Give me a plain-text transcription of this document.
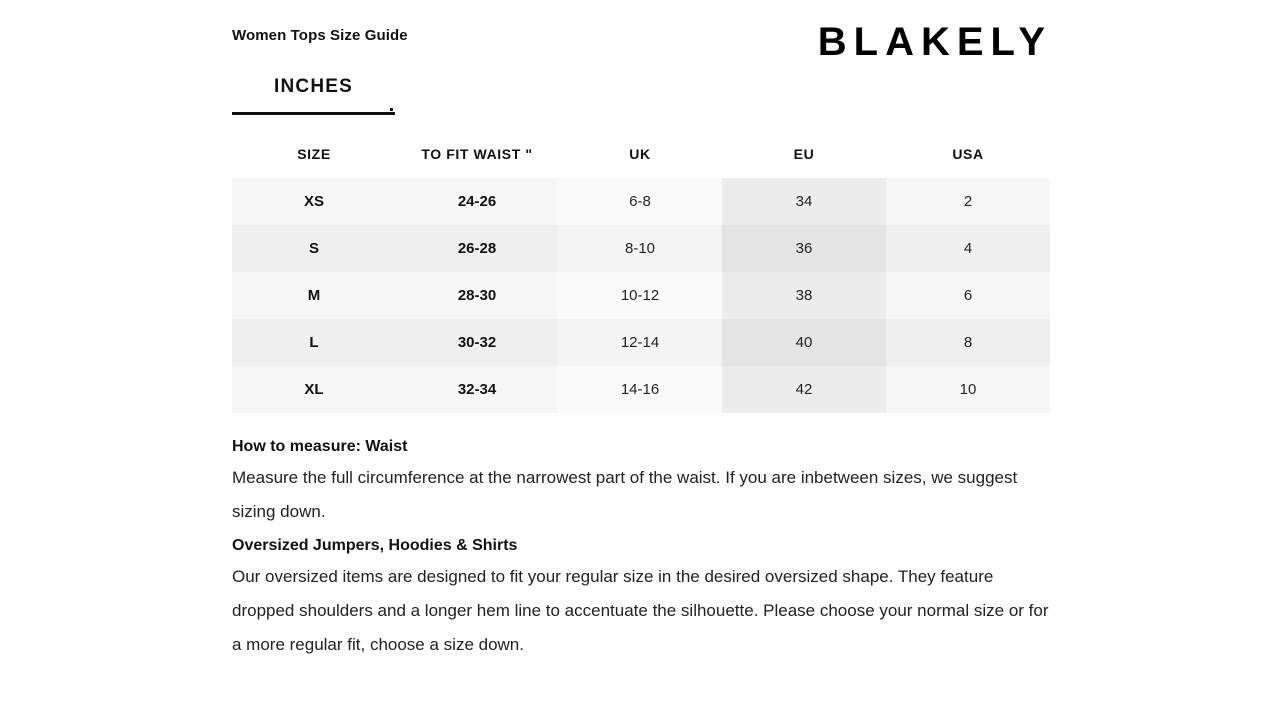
Women Tops Size Guide	BLAKELY
INCHES
SIZE	TO FIT WAIST "	UK	EU	USA
XS	24-26	6-8	34	2
S	26-28	8-10	36	4
M	28-30	10-12	38	6
L	30-32	12-14	40	8
XL	32-34	14-16	42	10

How to measure: Waist

Measure the full circumference at the narrowest part of the waist. If you are inbetween sizes, we suggest sizing down.

Oversized Jumpers, Hoodies & Shirts

Our oversized items are designed to fit your regular size in the desired oversized shape. They feature dropped shoulders and a longer hem line to accentuate the silhouette. Please choose your normal size or for a more regular fit, choose a size down.
